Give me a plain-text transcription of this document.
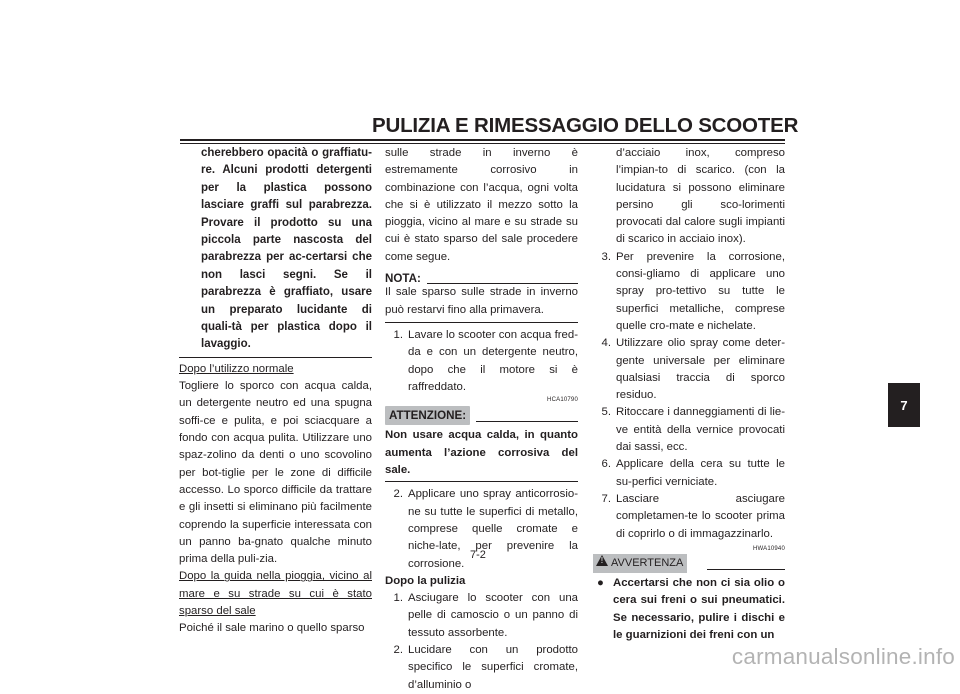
PULIZIA E RIMESSAGGIO DELLO SCOOTER

cherebbero opacità o graffiatu-re. Alcuni prodotti detergenti per la plastica possono lasciare graffi sul parabrezza. Provare il prodotto su una piccola parte nascosta del parabrezza per ac-certarsi che non lasci segni. Se il parabrezza è graffiato, usare un preparato lucidante di quali-tà per plastica dopo il lavaggio.

Dopo l’utilizzo normale

Togliere lo sporco con acqua calda, un detergente neutro ed una spugna soffi-ce e pulita, e poi sciacquare a fondo con acqua pulita. Utilizzare uno spaz-zolino da denti o uno scovolino per bot-tiglie per le zone di difficile accesso. Lo sporco difficile da trattare e gli insetti si eliminano più facilmente coprendo la superficie interessata con un panno ba-gnato qualche minuto prima della puli-zia.

Dopo la guida nella pioggia, vicino al mare e su strade su cui è stato sparso del sale

Poiché il sale marino o quello sparso

sulle strade in inverno è estremamente corrosivo in combinazione con l’acqua, ogni volta che si è utilizzato il mezzo sotto la pioggia, vicino al mare e su strade su cui è stato sparso del sale procedere come segue.

NOTA:

Il sale sparso sulle strade in inverno può restarvi fino alla primavera.

1. Lavare lo scooter con acqua fred-da e con un detergente neutro, dopo che il motore si è raffreddato.
HCA10790
ATTENZIONE:

Non usare acqua calda, in quanto aumenta l’azione corrosiva del sale.

2. Applicare uno spray anticorrosio-ne su tutte le superfici di metallo, comprese quelle cromate e niche-late, per prevenire la corrosione.

Dopo la pulizia

1. Asciugare lo scooter con una pelle di camoscio o un panno di tessuto assorbente.
2. Lucidare con un prodotto specifico le superfici cromate, d’alluminio o

d’acciaio inox, compreso l’impian-to di scarico. (con la lucidatura si possono eliminare persino gli sco-lorimenti provocati dal calore sugli impianti di scarico in acciaio inox).

3. Per prevenire la corrosione, consi-gliamo di applicare uno spray pro-tettivo su tutte le superfici metalliche, comprese quelle cro-mate e nichelate.
4. Utilizzare olio spray come deter-gente universale per eliminare qualsiasi traccia di sporco residuo.
5. Ritoccare i danneggiamenti di lie-ve entità della vernice provocati dai sassi, ecc.
6. Applicare della cera su tutte le su-perfici verniciate.
7. Lasciare asciugare completamen-te lo scooter prima di coprirlo o di immagazzinarlo.
HWA10940
! AVVERTENZA
● Accertarsi che non ci sia olio o cera sui freni o sui pneumatici. Se necessario, pulire i dischi e le guarnizioni dei freni con un
7-2
7
carmanualsonline.info
